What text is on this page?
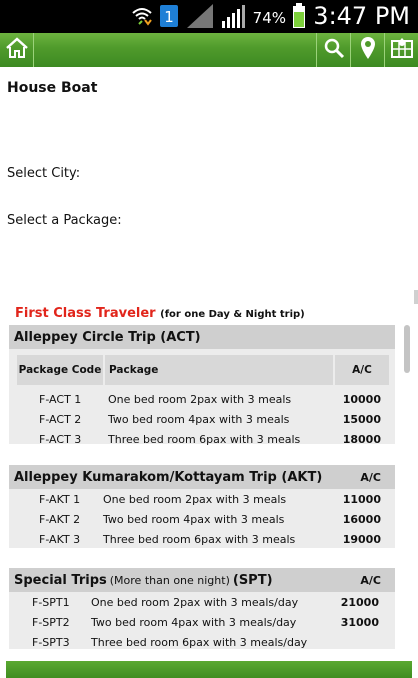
1	74% 3:47 PM
House Boat
Select City:
Select a Package:
First Class Traveler (for one Day & Night trip)
Alleppey Circle Trip (ACT)
Package Code Package	A/C
F-ACT 1 One bed room 2pax with 3 meals	10000
F-ACT 2 Two bed room 4pax with 3 meals	15000
F-ACT 3 Three bed room 6pax with 3 meals	18000
Alleppey Kumarakom/Kottayam Trip (AKT)	A/C
F-AKT 1 One bed room 2pax with 3 meals	11000
F-AKT 2 Two bed room 4pax with 3 meals	16000
F-AKT 3 Three bed room 6pax with 3 meals	19000
Special Trips (More than one night) (SPT)	A/C
F-SPT1 One bed room 2pax with 3 meals/day	21000
F-SPT2 Two bed room 4pax with 3 meals/day	31000
F-SPT3 Three bed room 6pax with 3 meals/day
